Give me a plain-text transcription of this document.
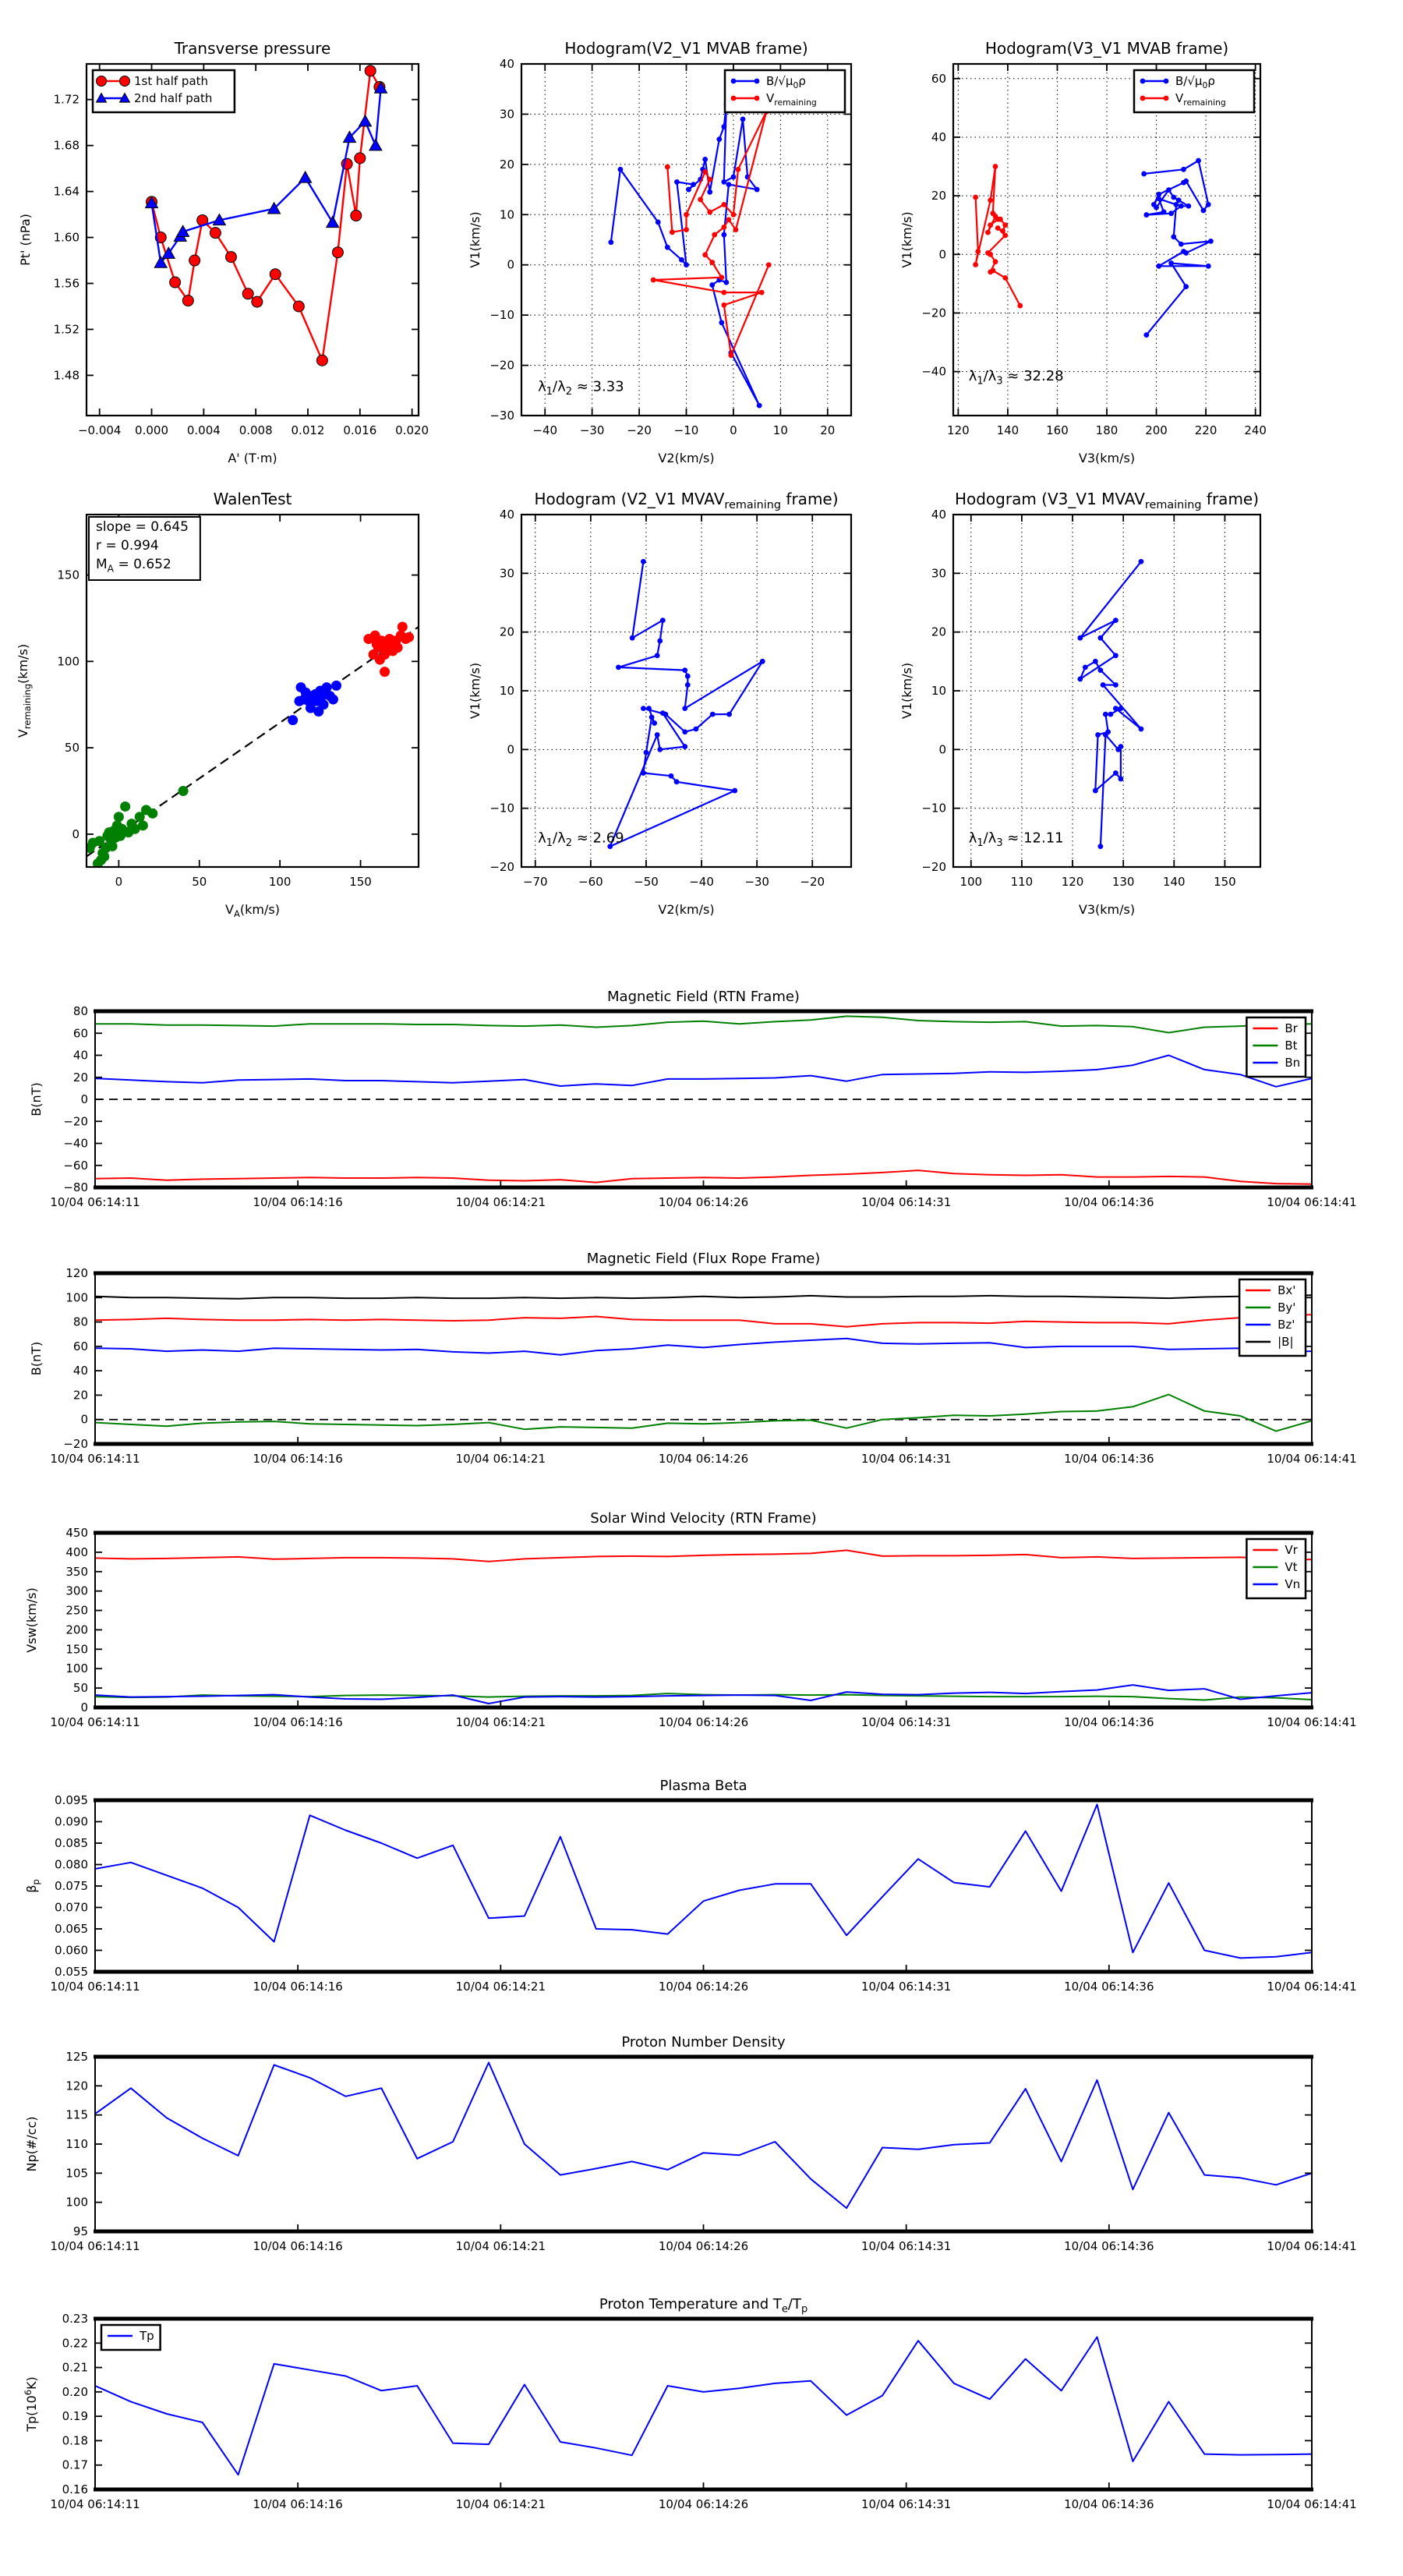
−0.004 0.000 0.004 0.008 0.012 0.016 0.020
1.48
1.52
1.56
1.60
1.64
1.68
1.72
Transverse pressure
A' (T·m)
Pt' (nPa)
1st half path
2nd half path
−40 −30 −20 −10	0	10	20
−30
−20
−10
0
10
20
30
40
Hodogram(V2_V1 MVAB frame)
V2(km/s)
V1(km/s)
$\lambda_1/\lambda_2 \approx 3.33$
$B/√\mu_0\rho$
$V_{remaining}$
120 140 160 180 200 220 240
−40
−20
0
20
40
60
Hodogram(V3_V1 MVAB frame)
V3(km/s)
V1(km/s)
$\lambda_1/\lambda_3 \approx 32.28$
$B/√\mu_0\rho$
$V_{remaining}$
0	50	100	150
0
50
100
150
WalenTest
$V_A(km/s)$
$V_{remaining}(km/s)$
slope = 0.645
r = 0.994
$M_A = 0.652$
−70	−60	−50	−40	−30	−20
−20
−10
0
10
20
30
40
Hodogram (V2_V1 $MVAV_{remaining}$ frame)
V2(km/s)
V1(km/s)
$\lambda_1/\lambda_2 \approx 2.69$
100 110 120 130 140 150
−20
−10
0
10
20
30
40
Hodogram (V3_V1 $MVAV_{remaining}$ frame)
V3(km/s)
V1(km/s)
$\lambda_1/\lambda_3 \approx 12.11$
10/04 06:14:11	10/04 06:14:16	10/04 06:14:21	10/04 06:14:26	10/04 06:14:31	10/04 06:14:36	10/04 06:14:41
−80
−60
−40
−20
0
20
40
60
80
Magnetic Field (RTN Frame)
B(nT)
Br
Bt
Bn
10/04 06:14:11	10/04 06:14:16	10/04 06:14:21	10/04 06:14:26	10/04 06:14:31	10/04 06:14:36	10/04 06:14:41
−20
0
20
40
60
80
100
120
Magnetic Field (Flux Rope Frame)
B(nT)
Bx'
By'
Bz'
|B|
10/04 06:14:11	10/04 06:14:16	10/04 06:14:21	10/04 06:14:26	10/04 06:14:31	10/04 06:14:36	10/04 06:14:41
0
50
100
150
200
250
300
350
400
450
Solar Wind Velocity (RTN Frame)
Vsw(km/s)
Vr
Vt
Vn
10/04 06:14:11	10/04 06:14:16	10/04 06:14:21	10/04 06:14:26	10/04 06:14:31	10/04 06:14:36	10/04 06:14:41
0.055
0.060
0.065
0.070
0.075
0.080
0.085
0.090
0.095
Plasma Beta
$\beta_p$
10/04 06:14:11	10/04 06:14:16	10/04 06:14:21	10/04 06:14:26	10/04 06:14:31	10/04 06:14:36	10/04 06:14:41
95
100
105
110
115
120
125
Proton Number Density
Np(#/cc)
10/04 06:14:11	10/04 06:14:16	10/04 06:14:21	10/04 06:14:26	10/04 06:14:31	10/04 06:14:36	10/04 06:14:41
0.16
0.17
0.18
0.19
0.20
0.21
0.22
0.23
Proton Temperature and $T_e/T_p$
$Tp(10^6K)$
Tp
